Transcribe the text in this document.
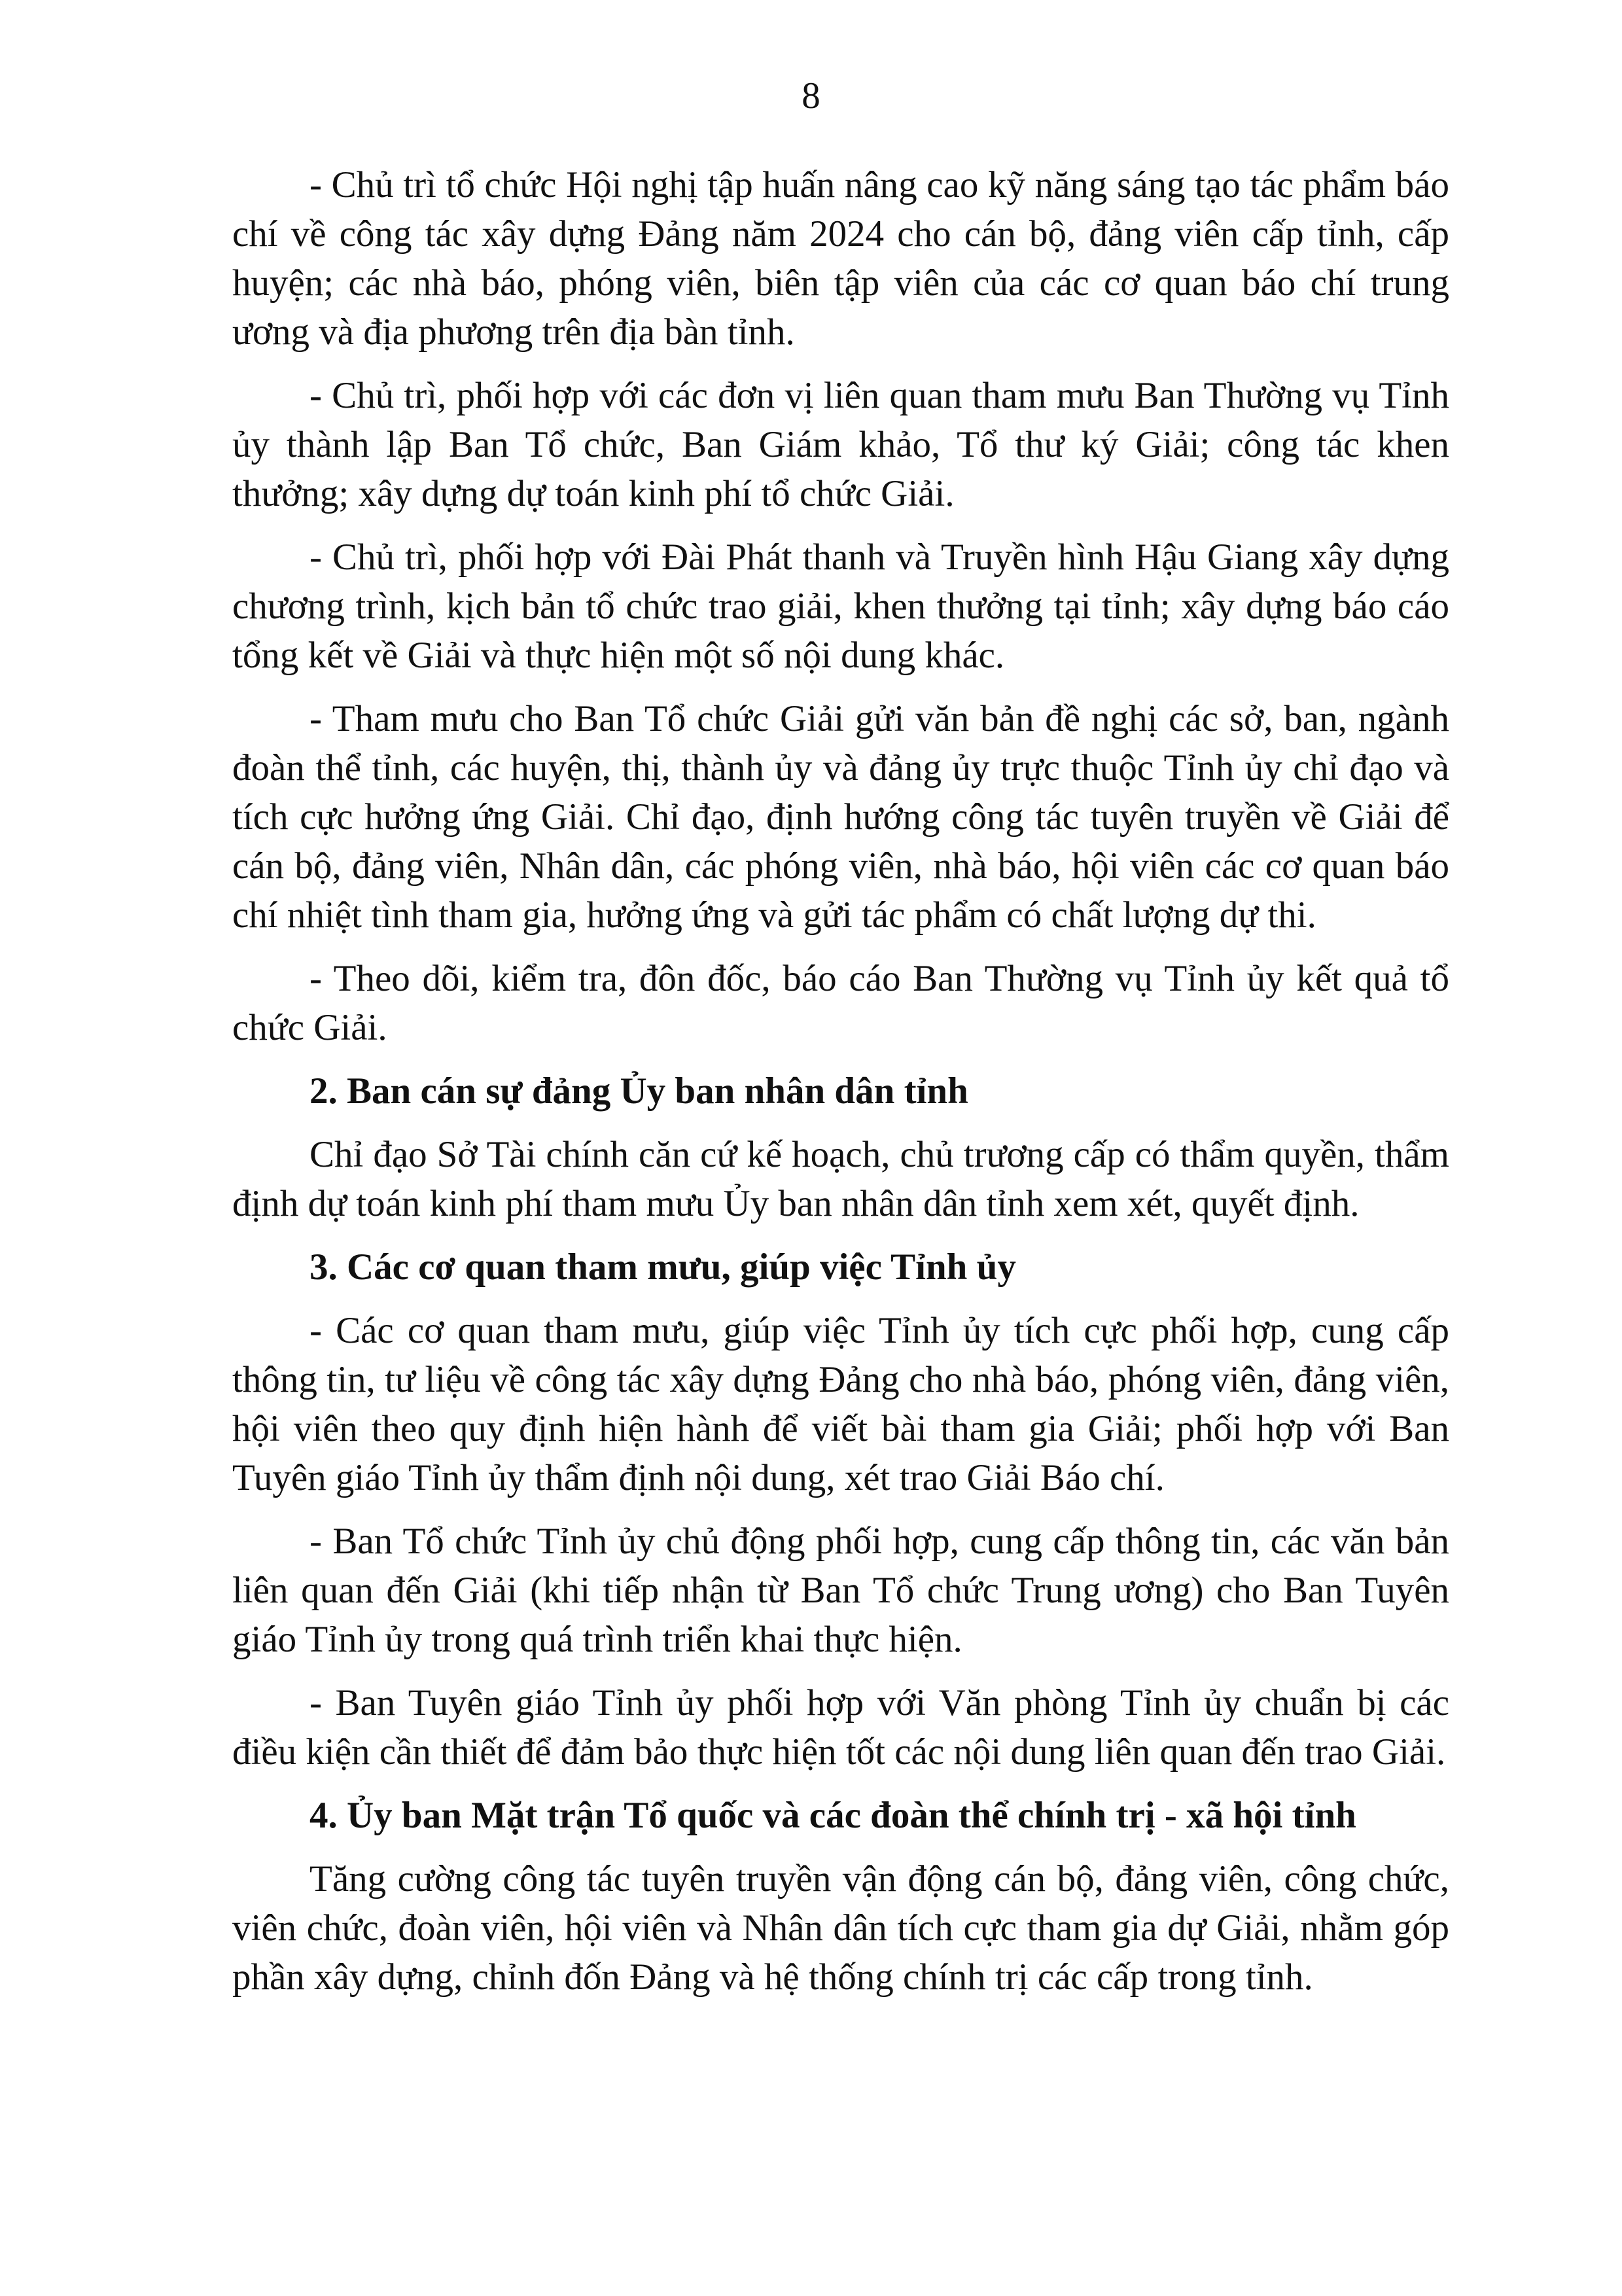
8

- Chủ trì tổ chức Hội nghị tập huấn nâng cao kỹ năng sáng tạo tác phẩm báo chí về công tác xây dựng Đảng năm 2024 cho cán bộ, đảng viên cấp tỉnh, cấp huyện; các nhà báo, phóng viên, biên tập viên của các cơ quan báo chí trung ương và địa phương trên địa bàn tỉnh.

- Chủ trì, phối hợp với các đơn vị liên quan tham mưu Ban Thường vụ Tỉnh ủy thành lập Ban Tổ chức, Ban Giám khảo, Tổ thư ký Giải; công tác khen thưởng; xây dựng dự toán kinh phí tổ chức Giải.

- Chủ trì, phối hợp với Đài Phát thanh và Truyền hình Hậu Giang xây dựng chương trình, kịch bản tổ chức trao giải, khen thưởng tại tỉnh; xây dựng báo cáo tổng kết về Giải và thực hiện một số nội dung khác.

- Tham mưu cho Ban Tổ chức Giải gửi văn bản đề nghị các sở, ban, ngành đoàn thể tỉnh, các huyện, thị, thành ủy và đảng ủy trực thuộc Tỉnh ủy chỉ đạo và tích cực hưởng ứng Giải. Chỉ đạo, định hướng công tác tuyên truyền về Giải để cán bộ, đảng viên, Nhân dân, các phóng viên, nhà báo, hội viên các cơ quan báo chí nhiệt tình tham gia, hưởng ứng và gửi tác phẩm có chất lượng dự thi.

- Theo dõi, kiểm tra, đôn đốc, báo cáo Ban Thường vụ Tỉnh ủy kết quả tổ chức Giải.

2. Ban cán sự đảng Ủy ban nhân dân tỉnh

Chỉ đạo Sở Tài chính căn cứ kế hoạch, chủ trương cấp có thẩm quyền, thẩm định dự toán kinh phí tham mưu Ủy ban nhân dân tỉnh xem xét, quyết định.

3. Các cơ quan tham mưu, giúp việc Tỉnh ủy

- Các cơ quan tham mưu, giúp việc Tỉnh ủy tích cực phối hợp, cung cấp thông tin, tư liệu về công tác xây dựng Đảng cho nhà báo, phóng viên, đảng viên, hội viên theo quy định hiện hành để viết bài tham gia Giải; phối hợp với Ban Tuyên giáo Tỉnh ủy thẩm định nội dung, xét trao Giải Báo chí.

- Ban Tổ chức Tỉnh ủy chủ động phối hợp, cung cấp thông tin, các văn bản liên quan đến Giải (khi tiếp nhận từ Ban Tổ chức Trung ương) cho Ban Tuyên giáo Tỉnh ủy trong quá trình triển khai thực hiện.

- Ban Tuyên giáo Tỉnh ủy phối hợp với Văn phòng Tỉnh ủy chuẩn bị các điều kiện cần thiết để đảm bảo thực hiện tốt các nội dung liên quan đến trao Giải.

4. Ủy ban Mặt trận Tổ quốc và các đoàn thể chính trị - xã hội tỉnh

Tăng cường công tác tuyên truyền vận động cán bộ, đảng viên, công chức, viên chức, đoàn viên, hội viên và Nhân dân tích cực tham gia dự Giải, nhằm góp phần xây dựng, chỉnh đốn Đảng và hệ thống chính trị các cấp trong tỉnh.
